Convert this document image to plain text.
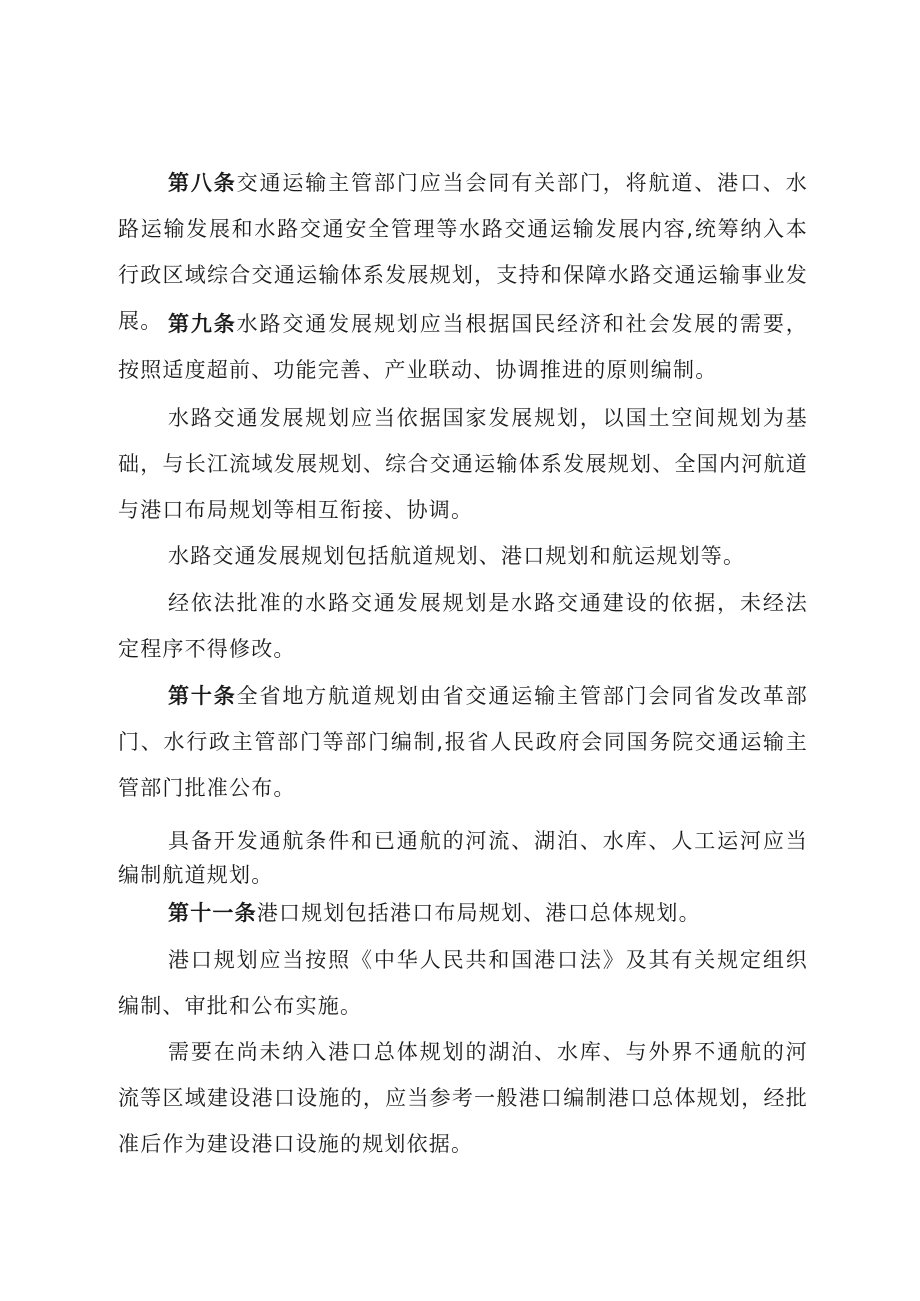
第八条交通运输主管部门应当会同有关部门，将航道、港口、水路运输发展和水路交通安全管理等水路交通运输发展内容,统筹纳入本行政区域综合交通运输体系发展规划，支持和保障水路交通运输事业发展。 第九条水路交通发展规划应当根据国民经济和社会发展的需要，按照适度超前、功能完善、产业联动、协调推进的原则编制。

水路交通发展规划应当依据国家发展规划，以国土空间规划为基础，与长江流域发展规划、综合交通运输体系发展规划、全国内河航道与港口布局规划等相互衔接、协调。

水路交通发展规划包括航道规划、港口规划和航运规划等。

经依法批准的水路交通发展规划是水路交通建设的依据，未经法定程序不得修改。

第十条全省地方航道规划由省交通运输主管部门会同省发改革部门、水行政主管部门等部门编制,报省人民政府会同国务院交通运输主管部门批准公布。

具备开发通航条件和已通航的河流、湖泊、水库、人工运河应当编制航道规划。

第十一条港口规划包括港口布局规划、港口总体规划。

港口规划应当按照《中华人民共和国港口法》及其有关规定组织编制、审批和公布实施。

需要在尚未纳入港口总体规划的湖泊、水库、与外界不通航的河流等区域建设港口设施的，应当参考一般港口编制港口总体规划，经批准后作为建设港口设施的规划依据。
